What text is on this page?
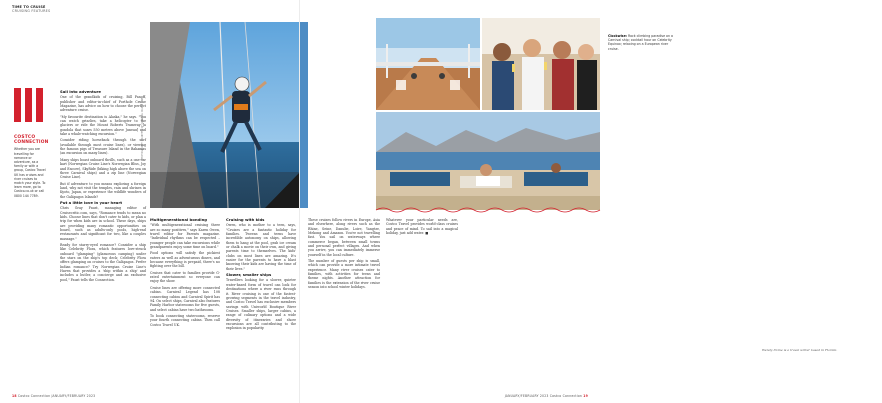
TIME TO CRUISE
CRUISING FEATURES
COSTCO CONNECTION
Whether you are travelling for romance or adventure, as a family or with a group, Costco Travel UK has cruises and river cruises to match your style. To learn more, go to Costco.co.uk or call 0800 144 7789.
Sail into adventure

One of the grandkids of cruising, Bill Panoff, publisher and editor-in-chief of Porthole Cruise Magazine, has advice on how to choose the perfect adventure cruise.

"My favourite destination is Alaska," he says. "You can watch grizzlies, take a helicopter to the glaciers or ride the Mount Roberts Tramway [a gondola that soars 550 metres above Juneau] and take a whale-watching excursion."

Consider riding horseback through the surf (available through most cruise lines), or viewing the famous pigs of Treasure Island in the Bahamas (an excursion on many lines).

Many ships boast onboard thrills, such as a one-car kart (Norwegian Cruise Line's Norwegian Bliss, Joy and Encore), SkyRide (biking high above the sea on three Carnival ships) and a zip line (Norwegian Cruise Line).

But if adventure to you means exploring a foreign land, why not visit the temples, rain and shrines in Kyoto, Japan, or experience the wildlife wonders of the Galápagos Islands?

Put a little love in your heart

Chris Gray Faust, managing editor of Cruisecritic.com, says, "Romance tends to mean no kids. Choose lines that don't cater to kids, or plan a trip for when kids are in school. These days, ships are providing many romantic opportunities on board, such as adults-only pools, high-end restaurants and significant for two, like a couples massage."

Ready for starry-eyed romance? Consider a ship like Celebrity Flora, which features love-struck onboard "glamping" (glamorous camping) under the stars on the ship's top deck; Celebrity Flora offers glamping on cruises to the Galápagos. Prefer Indian romance? Try Norwegian Cruise Line's Haven that provides a 'ship within a ship' and includes a butler, a concierge and an exclusive pool," Faust tells the Connection.

PHOTOGRAPHY: COURTESY OF CARNIVAL CRUISE LINE
Multigenerational bonding

"With multigenerational cruising there are so many positives," says Karen Owen, travel editor for Parents magazine. "Individual rhythms can be respected – younger people can take excursions while grandparents enjoy some time on board."

Food options will satisfy the pickiest eaters as well as adventurous diners, and because everything is prepaid, there's no fighting over the bill.

Cruises that cater to families provide G-rated entertainment so everyone can enjoy the show.

Cruise lines are offering more connected cabins. Carnival Legend has 108 connecting cabins and Carnival Spirit has 94. On select ships, Carnival also features Family Harbor staterooms for five guests, and select cabins have two bathrooms.

To book connecting staterooms, reserve your fourth connecting cabins. Then call Costco Travel UK.

18 Costco Connection JANUARY/FEBRUARY 2023
Clockwise: Rock climbing paradise on a Carnival ship; cocktail hour on Celebrity Equinox; relaxing on a European river cruise.
Wendy Irvine is a travel writer based in Florida.
JANUARY/FEBRUARY 2023 Costco Connection 19
Cruising with kids

Owen, who is mother to a teen, says, "Cruises are a fantastic holiday for families. Tweens and teens have incredible autonomy on ships, allowing them to hang at the pool, grab ice cream or chalk a movie on their own, and giving parents time to themselves. The kids' clubs on most lines are amazing. It's easier for the parents to have a blast knowing their kids are having the time of their lives."

Slower, smaller ships

Travellers looking for a slower, quieter water-based form of travel can look for destinations where a river runs through it. River cruising is one of the fastest-growing segments in the travel industry, and Costco Travel has exclusive members savings with Uniworld Boutique River Cruises. Smaller ships, larger cabins, a range of culinary options and a wide diversity of itineraries and shore excursions are all contributing to the explosion in popularity.

These cruises follow rivers in Europe, Asia and elsewhere, along rivers such as the Rhine, Seine, Danube, Loire, Yangtze, Mekong and Amazon. You're not travelling fast. You sail on waterways where commerce began, between small towns and personal perfect villages. And when you arrive, you can immediately immerse yourself in the local culture.

The number of guests per ship is small, which can provide a more intimate travel experience. Many river cruises cater to families, with activities for teens and theme nights. Another attraction for families is the extension of the river cruise season into school winter holidays.

Whatever your particular needs are, Costco Travel provides world-class cruises and peace of mind. To sail into a magical holiday, just add water. ■
